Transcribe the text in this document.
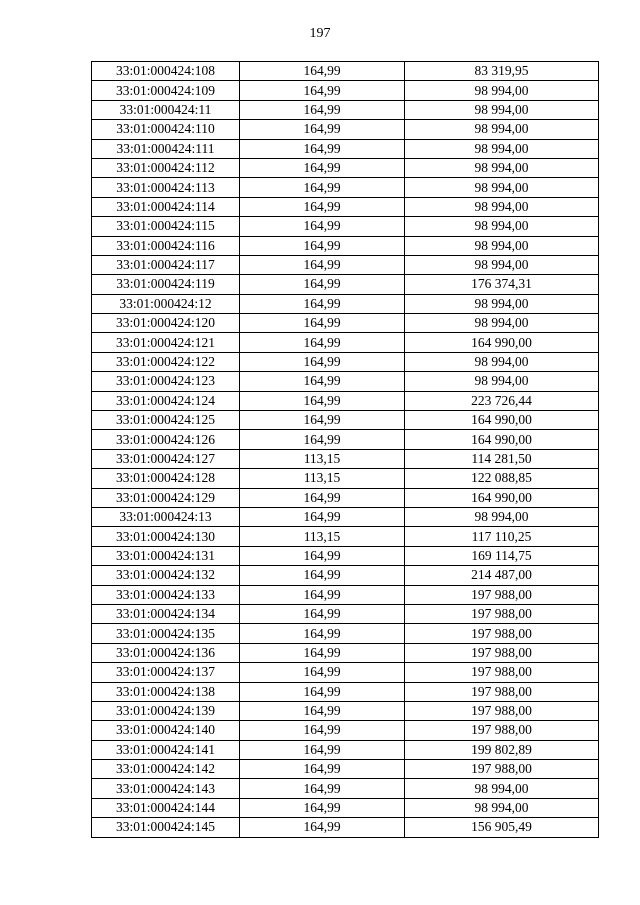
197
33:01:000424:108	164,99	83 319,95
33:01:000424:109	164,99	98 994,00
33:01:000424:11	164,99	98 994,00
33:01:000424:110	164,99	98 994,00
33:01:000424:111	164,99	98 994,00
33:01:000424:112	164,99	98 994,00
33:01:000424:113	164,99	98 994,00
33:01:000424:114	164,99	98 994,00
33:01:000424:115	164,99	98 994,00
33:01:000424:116	164,99	98 994,00
33:01:000424:117	164,99	98 994,00
33:01:000424:119	164,99	176 374,31
33:01:000424:12	164,99	98 994,00
33:01:000424:120	164,99	98 994,00
33:01:000424:121	164,99	164 990,00
33:01:000424:122	164,99	98 994,00
33:01:000424:123	164,99	98 994,00
33:01:000424:124	164,99	223 726,44
33:01:000424:125	164,99	164 990,00
33:01:000424:126	164,99	164 990,00
33:01:000424:127	113,15	114 281,50
33:01:000424:128	113,15	122 088,85
33:01:000424:129	164,99	164 990,00
33:01:000424:13	164,99	98 994,00
33:01:000424:130	113,15	117 110,25
33:01:000424:131	164,99	169 114,75
33:01:000424:132	164,99	214 487,00
33:01:000424:133	164,99	197 988,00
33:01:000424:134	164,99	197 988,00
33:01:000424:135	164,99	197 988,00
33:01:000424:136	164,99	197 988,00
33:01:000424:137	164,99	197 988,00
33:01:000424:138	164,99	197 988,00
33:01:000424:139	164,99	197 988,00
33:01:000424:140	164,99	197 988,00
33:01:000424:141	164,99	199 802,89
33:01:000424:142	164,99	197 988,00
33:01:000424:143	164,99	98 994,00
33:01:000424:144	164,99	98 994,00
33:01:000424:145	164,99	156 905,49
